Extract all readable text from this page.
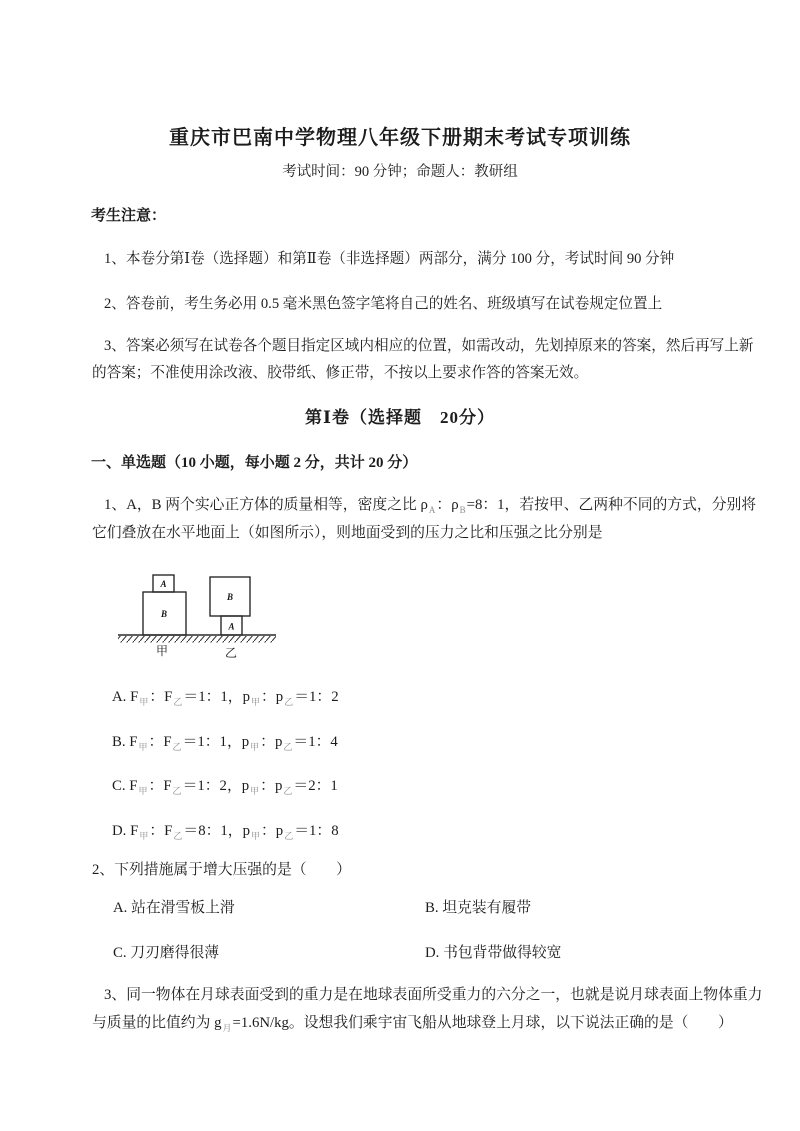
重庆市巴南中学物理八年级下册期末考试专项训练
考试时间：90 分钟；命题人：教研组
考生注意：

1、本卷分第Ⅰ卷（选择题）和第Ⅱ卷（非选择题）两部分，满分 100 分，考试时间 90 分钟

2、答卷前，考生务必用 0.5 毫米黑色签字笔将自己的姓名、班级填写在试卷规定位置上

3、答案必须写在试卷各个题目指定区域内相应的位置，如需改动，先划掉原来的答案，然后再写上新的答案；不准使用涂改液、胶带纸、修正带，不按以上要求作答的答案无效。

第Ⅰ卷（选择题　20分）
一、单选题（10 小题，每小题 2 分，共计 20 分）

1、A，B 两个实心正方体的质量相等，密度之比 $\rho_A$：$\rho_B=8$：1，若按甲、乙两种不同的方式，分别将它们叠放在水平地面上（如图所示），则地面受到的压力之比和压强之比分别是

A
B
B
A
甲	乙

A. $F_甲$：$F_乙=1$：1，$p_甲$：$p_乙=1$：2

B. $F_甲$：$F_乙=1$：1，$p_甲$：$p_乙=1$：4

C. $F_甲$：$F_乙=1$：2，$p_甲$：$p_乙=2$：1

D. $F_甲$：$F_乙=8$：1，$p_甲$：$p_乙=1$：8

2、下列措施属于增大压强的是（　　）

A. 站在滑雪板上滑	B. 坦克装有履带

C. 刀刃磨得很薄	D. 书包背带做得较宽

3、同一物体在月球表面受到的重力是在地球表面所受重力的六分之一，也就是说月球表面上物体重力与质量的比值约为 $g_月=1.6N/kg$。设想我们乘宇宙飞船从地球登上月球，以下说法正确的是（　　）
